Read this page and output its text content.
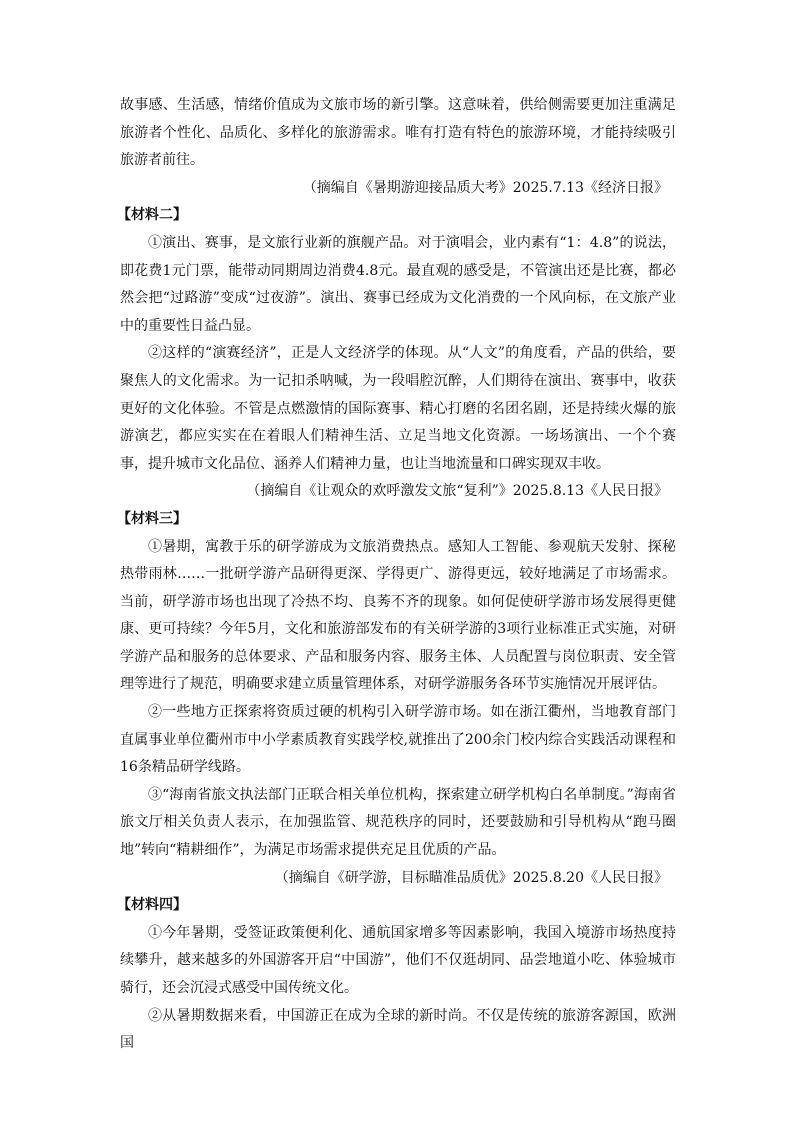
故事感、生活感，情绪价值成为文旅市场的新引擎。这意味着，供给侧需要更加注重满足旅游者个性化、品质化、多样化的旅游需求。唯有打造有特色的旅游环境，才能持续吸引旅游者前往。

（摘编自《暑期游迎接品质大考》2025.7.13《经济日报》

【材料二】

①演出、赛事，是文旅行业新的旗舰产品。对于演唱会，业内素有“1：4.8”的说法，即花费1元门票，能带动同期周边消费4.8元。最直观的感受是，不管演出还是比赛，都必然会把“过路游”变成“过夜游”。演出、赛事已经成为文化消费的一个风向标，在文旅产业中的重要性日益凸显。

②这样的“演赛经济”，正是人文经济学的体现。从“人文”的角度看，产品的供给，要聚焦人的文化需求。为一记扣杀呐喊，为一段唱腔沉醉，人们期待在演出、赛事中，收获更好的文化体验。不管是点燃激情的国际赛事、精心打磨的名团名剧，还是持续火爆的旅游演艺，都应实实在在着眼人们精神生活、立足当地文化资源。一场场演出、一个个赛事，提升城市文化品位、涵养人们精神力量，也让当地流量和口碑实现双丰收。

（摘编自《让观众的欢呼激发文旅“复利”》2025.8.13《人民日报》

【材料三】

①暑期，寓教于乐的研学游成为文旅消费热点。感知人工智能、参观航天发射、探秘热带雨林……一批研学游产品研得更深、学得更广、游得更远，较好地满足了市场需求。当前，研学游市场也出现了冷热不均、良莠不齐的现象。如何促使研学游市场发展得更健康、更可持续？今年5月，文化和旅游部发布的有关研学游的3项行业标准正式实施，对研学游产品和服务的总体要求、产品和服务内容、服务主体、人员配置与岗位职责、安全管理等进行了规范，明确要求建立质量管理体系，对研学游服务各环节实施情况开展评估。

②一些地方正探索将资质过硬的机构引入研学游市场。如在浙江衢州，当地教育部门直属事业单位衢州市中小学素质教育实践学校,就推出了200余门校内综合实践活动课程和16条精品研学线路。

③“海南省旅文执法部门正联合相关单位机构，探索建立研学机构白名单制度。”海南省旅文厅相关负责人表示，在加强监管、规范秩序的同时，还要鼓励和引导机构从“跑马圈地”转向“精耕细作”，为满足市场需求提供充足且优质的产品。

（摘编自《研学游，目标瞄准品质优》2025.8.20《人民日报》

【材料四】

①今年暑期，受签证政策便利化、通航国家增多等因素影响，我国入境游市场热度持续攀升，越来越多的外国游客开启“中国游”，他们不仅逛胡同、品尝地道小吃、体验城市骑行，还会沉浸式感受中国传统文化。

②从暑期数据来看，中国游正在成为全球的新时尚。不仅是传统的旅游客源国，欧洲国
